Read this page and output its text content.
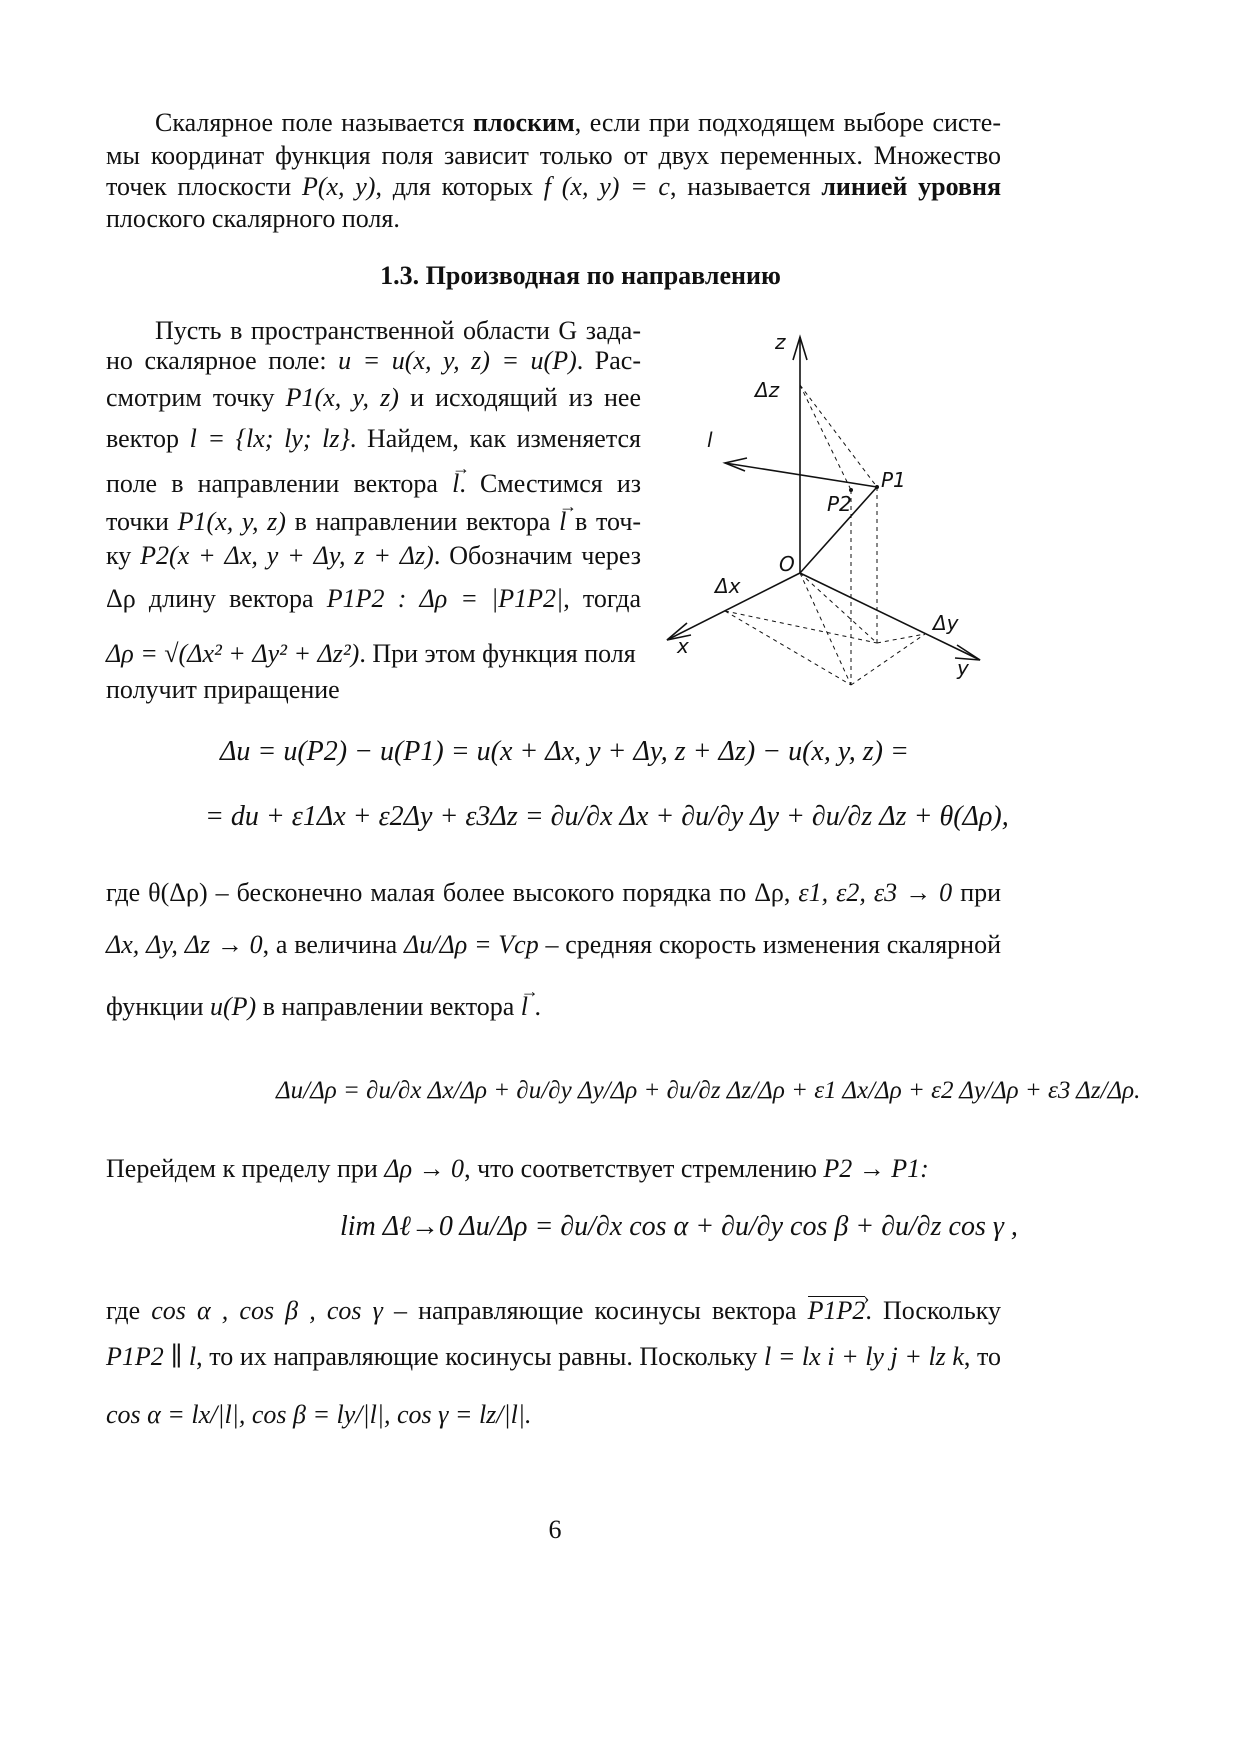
Скалярное поле называется плоским, если при подходящем выборе систе-
мы координат функция поля зависит только от двух переменных. Множество
точек плоскости P(x, y), для которых f (x, y) = c, называется линией уровня
плоского скалярного поля.
1.3. Производная по направлению
Пусть в пространственной области G зада-
но скалярное поле: u = u(x, y, z) = u(P). Рас-
смотрим точку P1(x, y, z) и исходящий из нее
вектор l = {lx; ly; lz}. Найдем, как изменяется
поле в направлении вектора → l. Сместимся из
точки P1(x, y, z) в направлении вектора → l в точ-
ку P2(x + Δx, y + Δy, z + Δz). Обозначим через
Δρ длину вектора P1P2 : Δρ = |P1P2|, тогда
Δρ = √(Δx² + Δy² + Δz²). При этом функция поля
получит приращение
z
Δz
l
P1
P2
O
Δx
x
Δy
y
Δu = u(P2) − u(P1) = u(x + Δx, y + Δy, z + Δz) − u(x, y, z) =
= du + ε1Δx + ε2Δy + ε3Δz = ∂u/∂x Δx + ∂u/∂y Δy + ∂u/∂z Δz + θ(Δρ),
где θ(Δρ) – бесконечно малая более высокого порядка по Δρ, ε1, ε2, ε3 → 0 при
Δx, Δy, Δz → 0, а величина Δu/Δρ = Vср – средняя скорость изменения скалярной
функции u(P) в направлении вектора → l .
Δu/Δρ = ∂u/∂x Δx/Δρ + ∂u/∂y Δy/Δρ + ∂u/∂z Δz/Δρ + ε1 Δx/Δρ + ε2 Δy/Δρ + ε3 Δz/Δρ.
Перейдем к пределу при Δρ → 0, что соответствует стремлению P2 → P1:
lim Δℓ→0 Δu/Δρ = ∂u/∂x cos α + ∂u/∂y cos β + ∂u/∂z cos γ ,
где cos α , cos β , cos γ – направляющие косинусы вектора P1P2 ›. Поскольку
P1P2 ∥ l, то их направляющие косинусы равны. Поскольку l = lx i + ly j + lz k, то
cos α = lx/|l|, cos β = ly/|l|, cos γ = lz/|l|.
6
